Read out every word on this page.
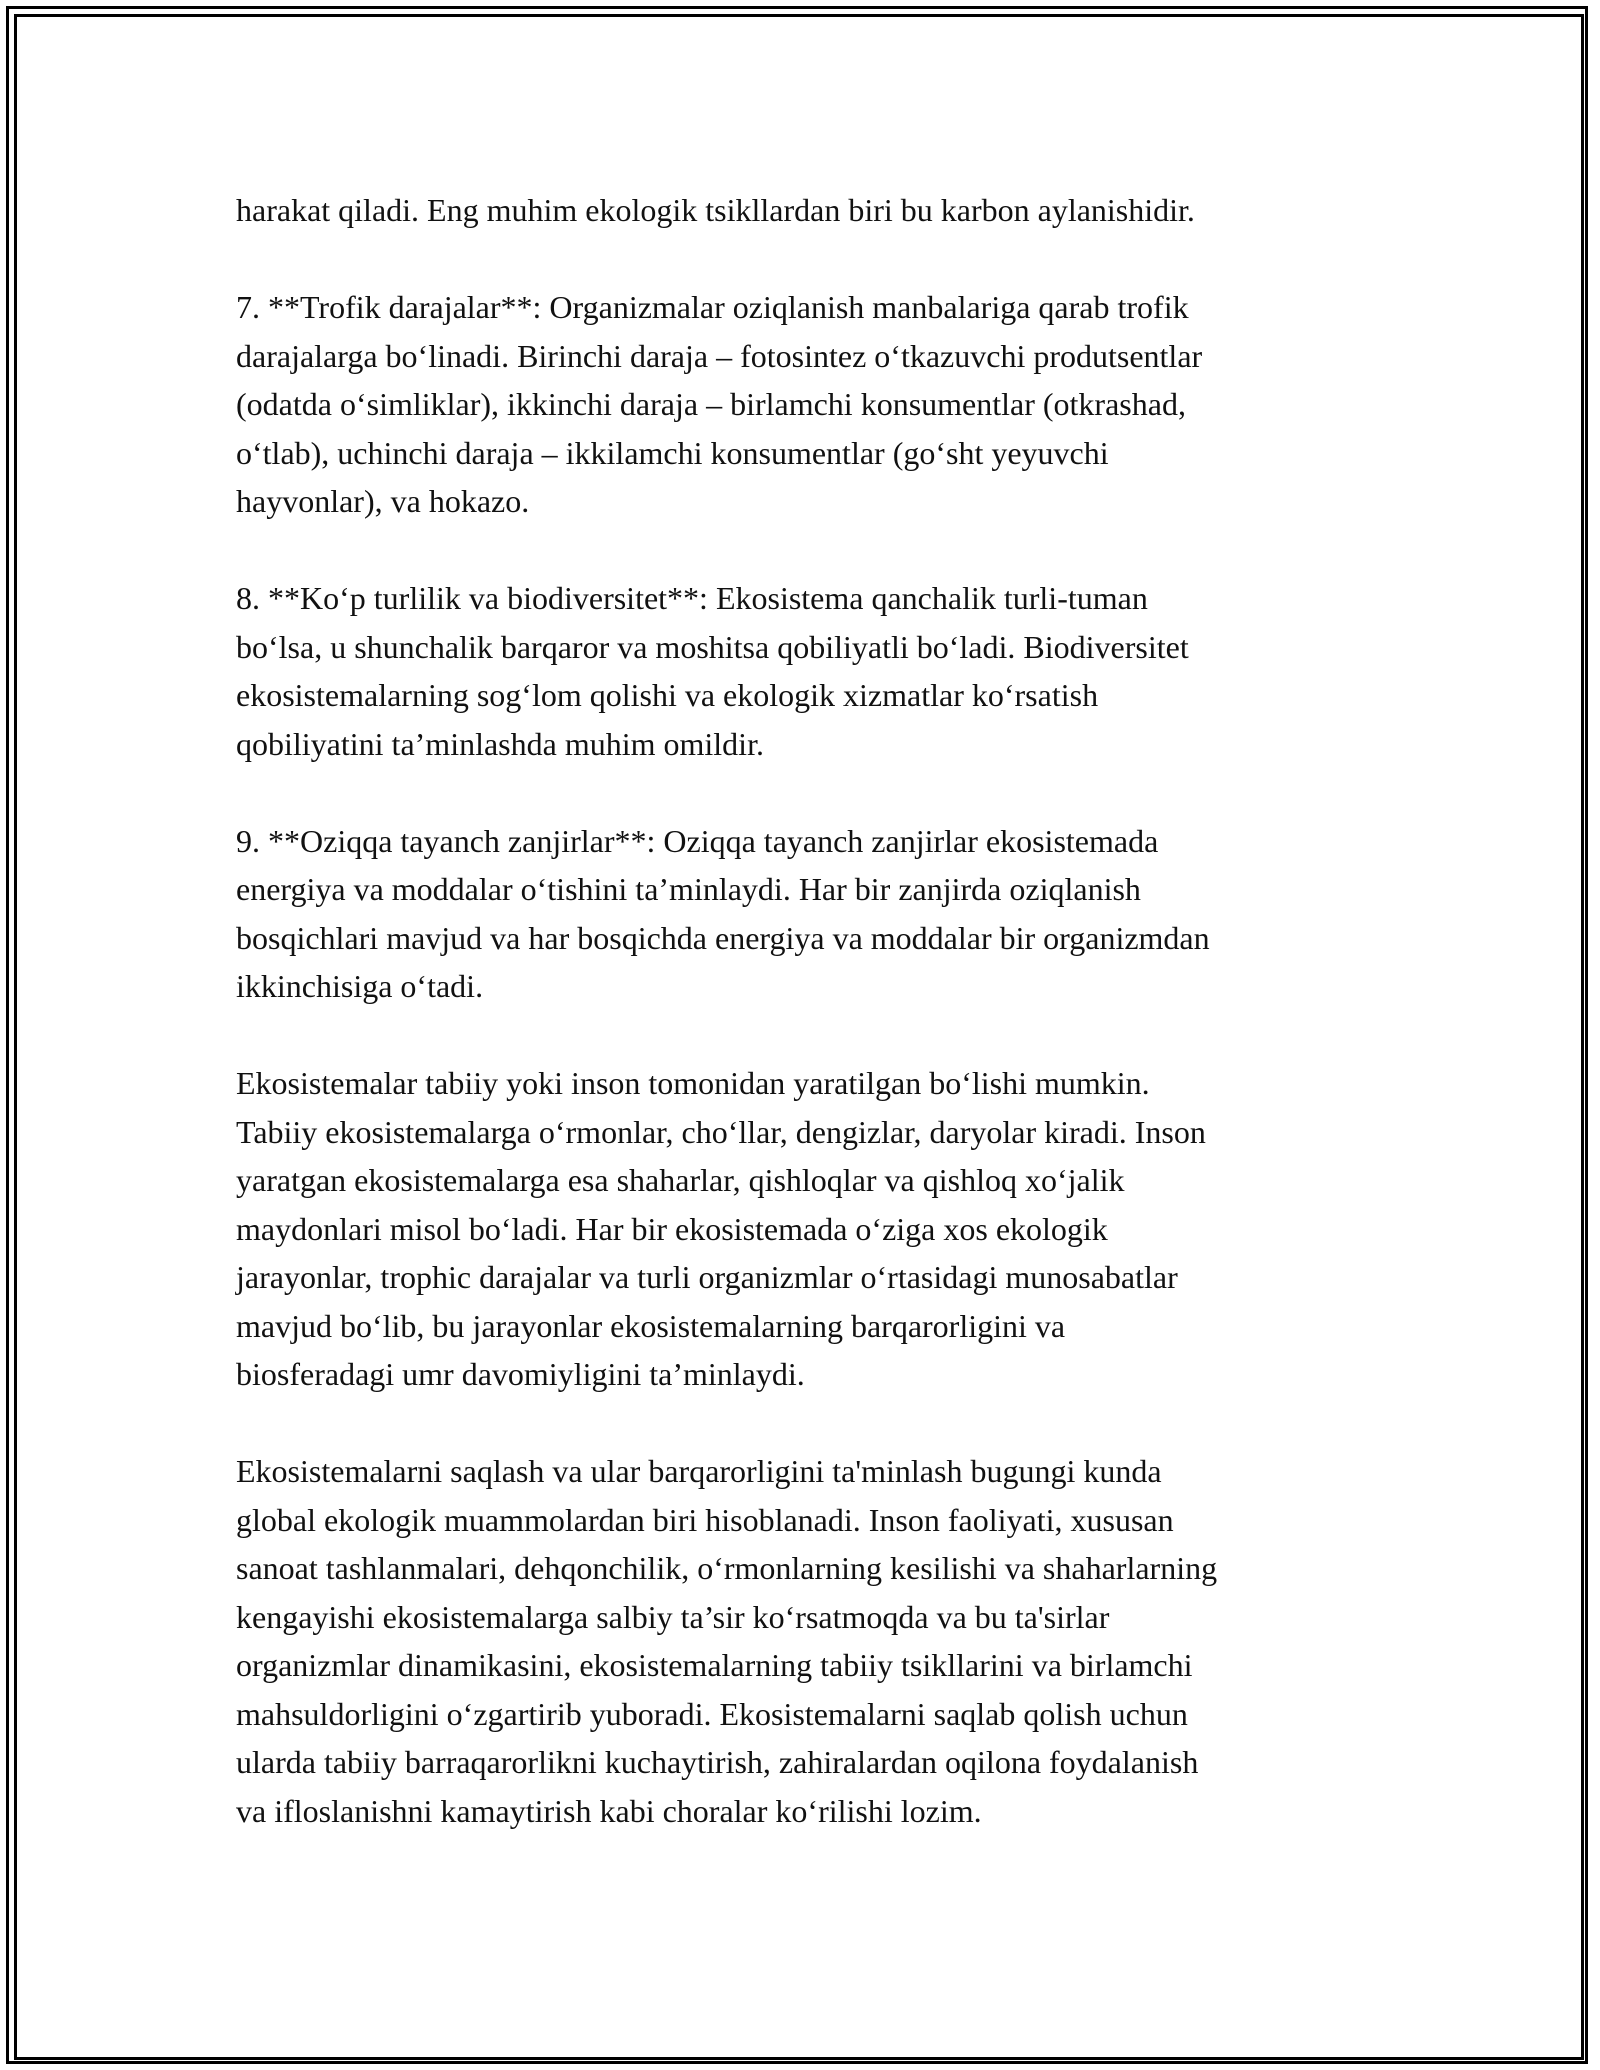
harakat qiladi. Eng muhim ekologik tsikllardan biri bu karbon aylanishidir.

7. **Trofik darajalar**: Organizmalar oziqlanish manbalariga qarab trofik
darajalarga boʻlinadi. Birinchi daraja – fotosintez oʻtkazuvchi produtsentlar
(odatda oʻsimliklar), ikkinchi daraja – birlamchi konsumentlar (otkrashad,
oʻtlab), uchinchi daraja – ikkilamchi konsumentlar (goʻsht yeyuvchi
hayvonlar), va hokazo.

8. **Koʻp turlilik va biodiversitet**: Ekosistema qanchalik turli-tuman
boʻlsa, u shunchalik barqaror va moshitsa qobiliyatli boʻladi. Biodiversitet
ekosistemalarning sogʻlom qolishi va ekologik xizmatlar koʻrsatish
qobiliyatini ta’minlashda muhim omildir.

9. **Oziqqa tayanch zanjirlar**: Oziqqa tayanch zanjirlar ekosistemada
energiya va moddalar oʻtishini ta’minlaydi. Har bir zanjirda oziqlanish
bosqichlari mavjud va har bosqichda energiya va moddalar bir organizmdan
ikkinchisiga oʻtadi.

Ekosistemalar tabiiy yoki inson tomonidan yaratilgan boʻlishi mumkin.
Tabiiy ekosistemalarga oʻrmonlar, choʻllar, dengizlar, daryolar kiradi. Inson
yaratgan ekosistemalarga esa shaharlar, qishloqlar va qishloq xoʻjalik
maydonlari misol boʻladi. Har bir ekosistemada oʻziga xos ekologik
jarayonlar, trophic darajalar va turli organizmlar oʻrtasidagi munosabatlar
mavjud boʻlib, bu jarayonlar ekosistemalarning barqarorligini va
biosferadagi umr davomiyligini ta’minlaydi.

Ekosistemalarni saqlash va ular barqarorligini ta'minlash bugungi kunda
global ekologik muammolardan biri hisoblanadi. Inson faoliyati, xususan
sanoat tashlanmalari, dehqonchilik, oʻrmonlarning kesilishi va shaharlarning
kengayishi ekosistemalarga salbiy ta’sir koʻrsatmoqda va bu ta'sirlar
organizmlar dinamikasini, ekosistemalarning tabiiy tsikllarini va birlamchi
mahsuldorligini oʻzgartirib yuboradi. Ekosistemalarni saqlab qolish uchun
ularda tabiiy barraqarorlikni kuchaytirish, zahiralardan oqilona foydalanish
va ifloslanishni kamaytirish kabi choralar koʻrilishi lozim.
